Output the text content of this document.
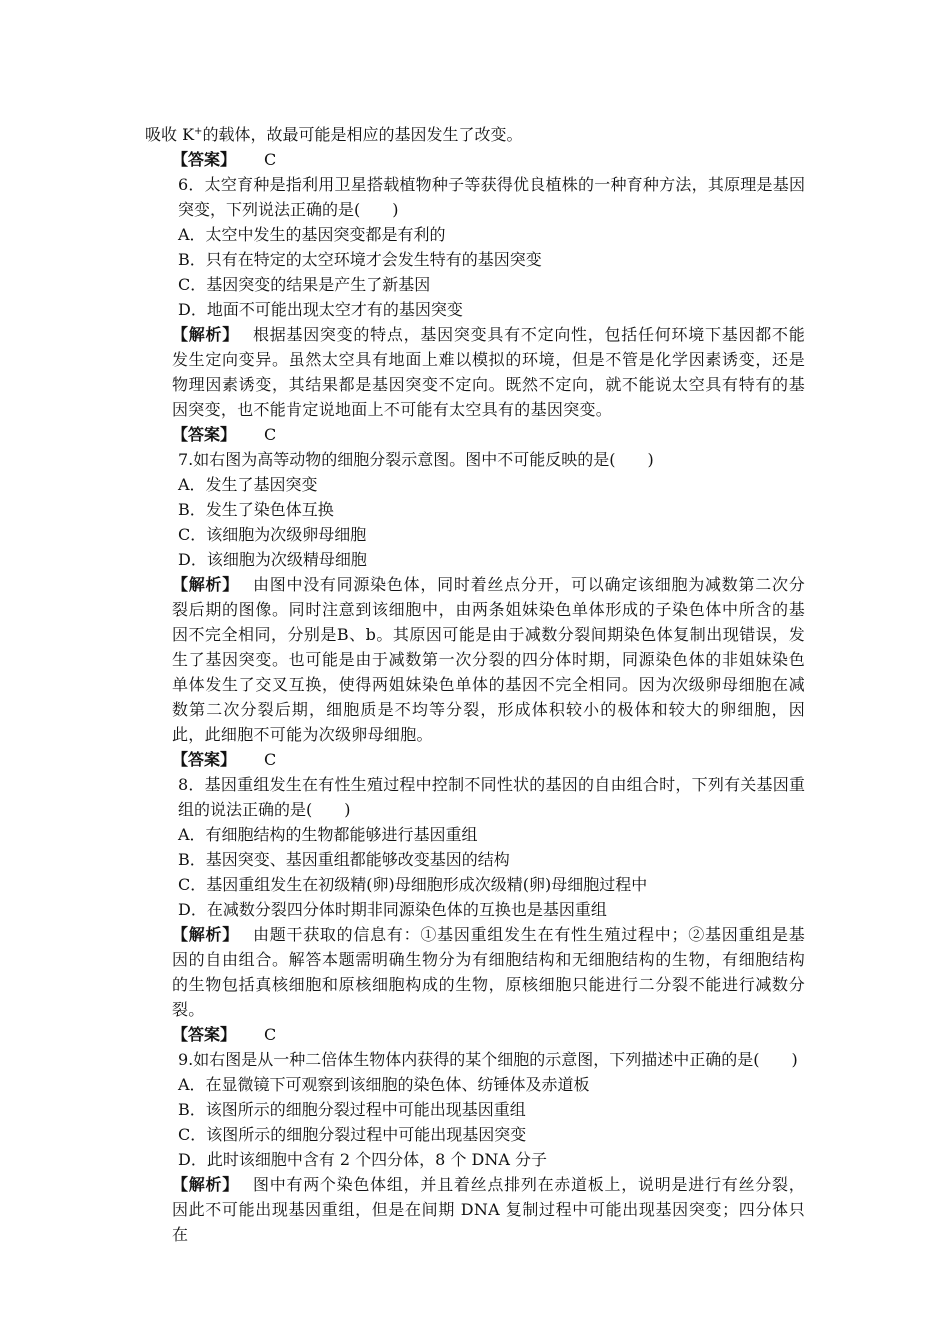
吸收 K+的载体，故最可能是相应的基因发生了改变。

【答案】 C

6．太空育种是指利用卫星搭载植物种子等获得优良植株的一种育种方法，其原理是基因突变，下列说法正确的是(　　)

A．太空中发生的基因突变都是有利的

B．只有在特定的太空环境才会发生特有的基因突变

C．基因突变的结果是产生了新基因

D．地面不可能出现太空才有的基因突变

【解析】 根据基因突变的特点，基因突变具有不定向性，包括任何环境下基因都不能发生定向变异。虽然太空具有地面上难以模拟的环境，但是不管是化学因素诱变，还是物理因素诱变，其结果都是基因突变不定向。既然不定向，就不能说太空具有特有的基因突变，也不能肯定说地面上不可能有太空具有的基因突变。

【答案】 C

7.如右图为高等动物的细胞分裂示意图。图中不可能反映的是(　　)

A．发生了基因突变

B．发生了染色体互换

C．该细胞为次级卵母细胞

D．该细胞为次级精母细胞

【解析】 由图中没有同源染色体，同时着丝点分开，可以确定该细胞为减数第二次分裂后期的图像。同时注意到该细胞中，由两条姐妹染色单体形成的子染色体中所含的基因不完全相同，分别是B、b。其原因可能是由于减数分裂间期染色体复制出现错误，发生了基因突变。也可能是由于减数第一次分裂的四分体时期，同源染色体的非姐妹染色单体发生了交叉互换，使得两姐妹染色单体的基因不完全相同。因为次级卵母细胞在减数第二次分裂后期，细胞质是不均等分裂，形成体积较小的极体和较大的卵细胞，因此，此细胞不可能为次级卵母细胞。

【答案】 C

8．基因重组发生在有性生殖过程中控制不同性状的基因的自由组合时，下列有关基因重组的说法正确的是(　　)

A．有细胞结构的生物都能够进行基因重组

B．基因突变、基因重组都能够改变基因的结构

C．基因重组发生在初级精(卵)母细胞形成次级精(卵)母细胞过程中

D．在减数分裂四分体时期非同源染色体的互换也是基因重组

【解析】 由题干获取的信息有：①基因重组发生在有性生殖过程中；②基因重组是基因的自由组合。解答本题需明确生物分为有细胞结构和无细胞结构的生物，有细胞结构的生物包括真核细胞和原核细胞构成的生物，原核细胞只能进行二分裂不能进行减数分裂。

【答案】 C

9.如右图是从一种二倍体生物体内获得的某个细胞的示意图，下列描述中正确的是(　　)

A．在显微镜下可观察到该细胞的染色体、纺锤体及赤道板

B．该图所示的细胞分裂过程中可能出现基因重组

C．该图所示的细胞分裂过程中可能出现基因突变

D．此时该细胞中含有 2 个四分体，8 个 DNA 分子

【解析】 图中有两个染色体组，并且着丝点排列在赤道板上，说明是进行有丝分裂，因此不可能出现基因重组，但是在间期 DNA 复制过程中可能出现基因突变；四分体只在
